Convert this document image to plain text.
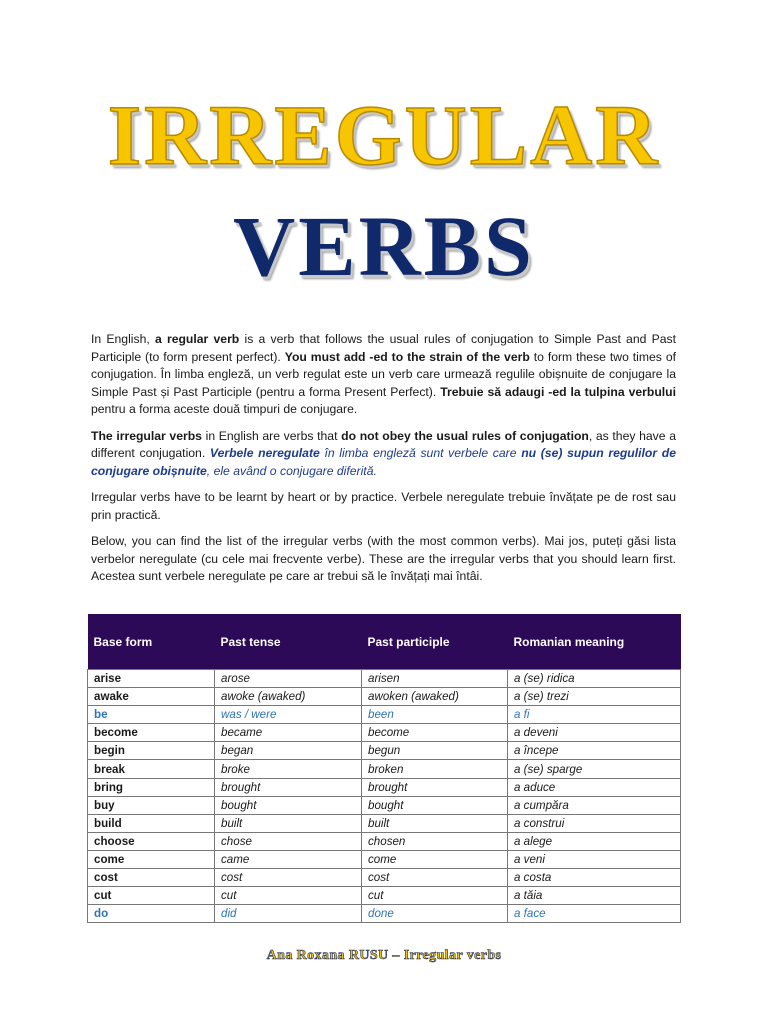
IRREGULAR
VERBS

In English, a regular verb is a verb that follows the usual rules of conjugation to Simple Past and Past Participle (to form present perfect). You must add -ed to the strain of the verb to form these two times of conjugation. În limba engleză, un verb regulat este un verb care urmează regulile obișnuite de conjugare la Simple Past și Past Participle (pentru a forma Present Perfect). Trebuie să adaugi -ed la tulpina verbului pentru a forma aceste două timpuri de conjugare.

The irregular verbs in English are verbs that do not obey the usual rules of conjugation, as they have a different conjugation. Verbele neregulate în limba engleză sunt verbele care nu (se) supun regulilor de conjugare obișnuite, ele având o conjugare diferită.

Irregular verbs have to be learnt by heart or by practice. Verbele neregulate trebuie învățate pe de rost sau prin practică.

Below, you can find the list of the irregular verbs (with the most common verbs). Mai jos, puteți găsi lista verbelor neregulate (cu cele mai frecvente verbe). These are the irregular verbs that you should learn first. Acestea sunt verbele neregulate pe care ar trebui să le învățați mai întâi.

Base form	Past tense	Past participle	Romanian meaning
arise	arose	arisen	a (se) ridica
awake	awoke (awaked)	awoken (awaked)	a (se) trezi
be	was / were	been	a fi
become	became	become	a deveni
begin	began	begun	a începe
break	broke	broken	a (se) sparge
bring	brought	brought	a aduce
buy	bought	bought	a cumpăra
build	built	built	a construi
choose	chose	chosen	a alege
come	came	come	a veni
cost	cost	cost	a costa
cut	cut	cut	a tăia
do	did	done	a face
Ana Roxana RUSU – Irregular verbs
